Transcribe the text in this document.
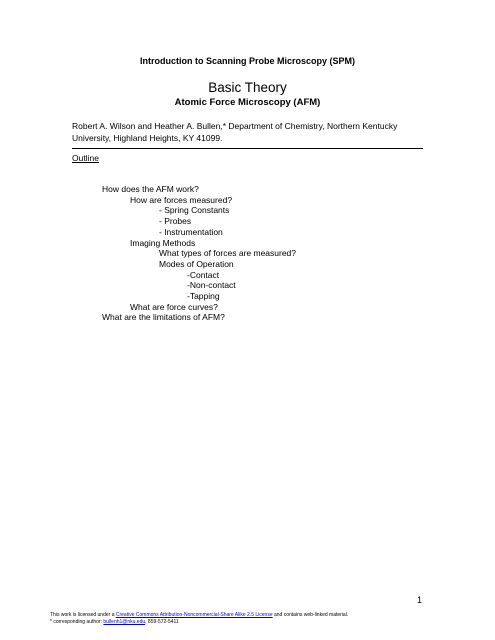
Introduction to Scanning Probe Microscopy (SPM)
Basic Theory
Atomic Force Microscopy (AFM)
Robert A. Wilson and Heather A. Bullen,* Department of Chemistry, Northern Kentucky
University, Highland Heights, KY 41099.
Outline
How does the AFM work?
How are forces measured?
- Spring Constants
- Probes
- Instrumentation
Imaging Methods
What types of forces are measured?
Modes of Operation
-Contact
-Non-contact
-Tapping
What are force curves?
What are the limitations of AFM?
1
This work is licensed under a Creative Commons Attribution-Noncommercial-Share Alike 2.5 License and contains web-linked material.
* corresponding author: bullenh1@nku.edu, 859-572-5411
